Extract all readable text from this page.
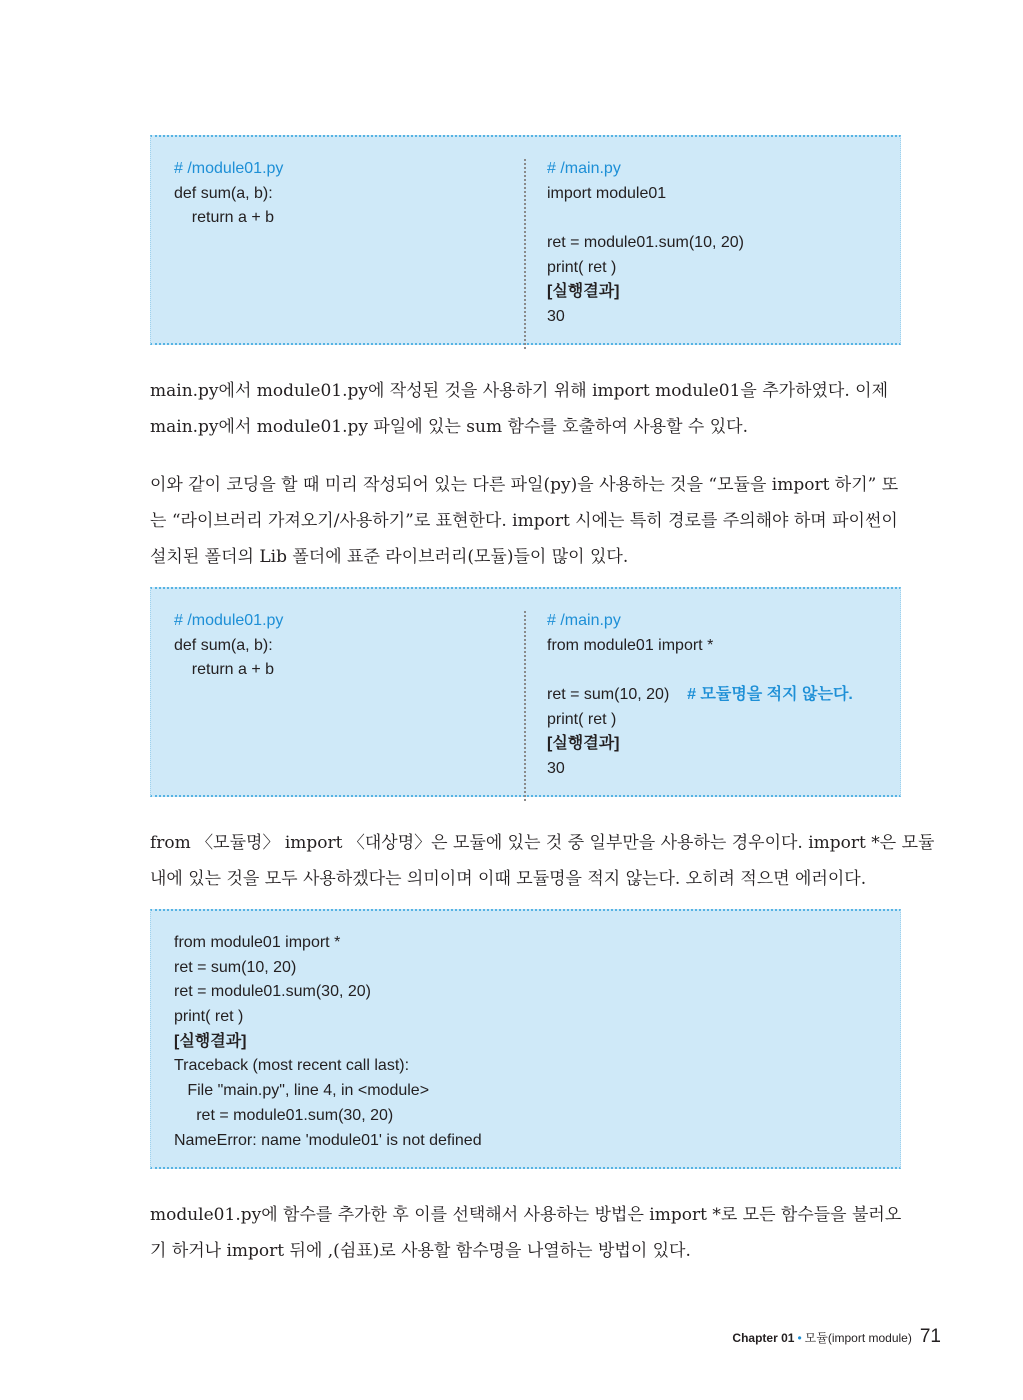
# /module01.py
def sum(a, b):
return a + b
# /main.py
import module01
ret = module01.sum(10, 20)
print( ret )
[실행결과]
30

main.py에서 module01.py에 작성된 것을 사용하기 위해 import module01을 추가하였다. 이제
main.py에서 module01.py 파일에 있는 sum 함수를 호출하여 사용할 수 있다.

이와 같이 코딩을 할 때 미리 작성되어 있는 다른 파일(py)을 사용하는 것을 “모듈을 import 하기” 또
는 “라이브러리 가져오기/사용하기”로 표현한다. import 시에는 특히 경로를 주의해야 하며 파이썬이
설치된 폴더의 Lib 폴더에 표준 라이브러리(모듈)들이 많이 있다.

# /module01.py
def sum(a, b):
return a + b
# /main.py
from module01 import *
ret = sum(10, 20) # 모듈명을 적지 않는다.
print( ret )
[실행결과]
30

from 〈모듈명〉 import 〈대상명〉은 모듈에 있는 것 중 일부만을 사용하는 경우이다. import *은 모듈
내에 있는 것을 모두 사용하겠다는 의미이며 이때 모듈명을 적지 않는다. 오히려 적으면 에러이다.

from module01 import *
ret = sum(10, 20)
ret = module01.sum(30, 20)
print( ret )
[실행결과]
Traceback (most recent call last):
File "main.py", line 4, in <module>
ret = module01.sum(30, 20)
NameError: name 'module01' is not defined

module01.py에 함수를 추가한 후 이를 선택해서 사용하는 방법은 import *로 모든 함수들을 불러오
기 하거나 import 뒤에 ,(쉼표)로 사용할 함수명을 나열하는 방법이 있다.

Chapter 01 • 모듈(import module) 71
